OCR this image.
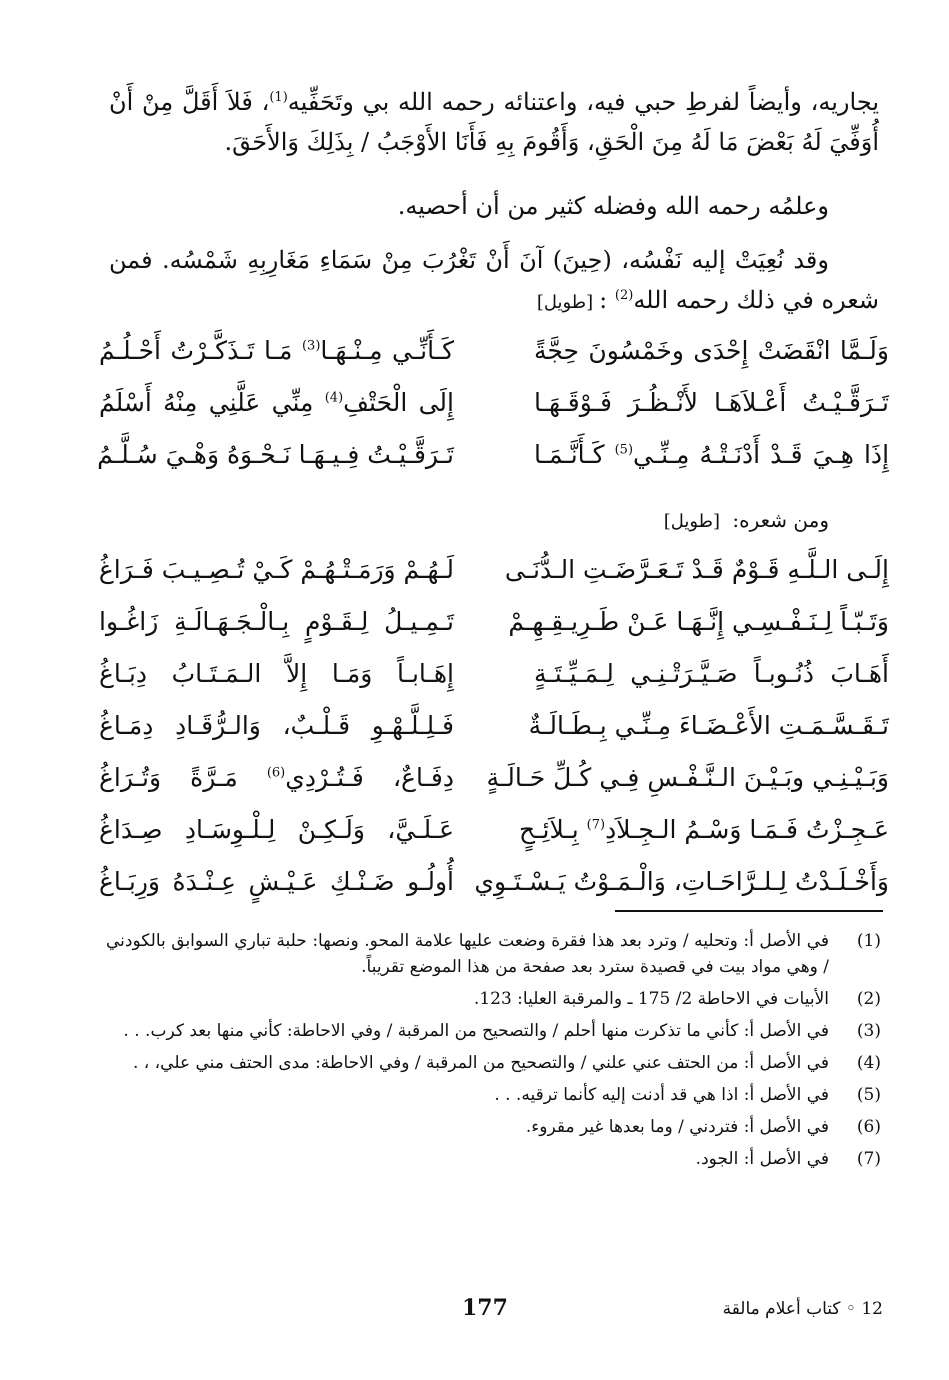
يجاريه، وأيضاً لفرطِ حبي فيه، واعتنائه رحمه الله بي وتَحَفِّيه$^{(1)}$، فَلاَ أَقَلَّ مِنْ أَنْ أُوَفِّيَ لَهُ بَعْضَ مَا لَهُ مِنَ الْحَقِ، وَأَقُومَ بِهِ فَأَنَا الأَوْجَبُ / بِذَلِكَ وَالأَحَقَ.

وعلمُه رحمه الله وفضله كثير من أن أحصيه.

وقد نُعِيَتْ إليه نَفْسُه، (حِينَ) آنَ أَنْ تَغْرُبَ مِنْ سَمَاءِ مَغَارِبِهِ شَمْسُه. فمن شعره في ذلك رحمه الله$^{(2)}$ :[طويل]

وَلَـمَّا انْقَضَتْ إِحْدَى وخَمْسُونَ حِجَّةً
كَـأَنِّـي مِـنْـهَـا$^{(3)}$ مَـا تَـذَكَّـرْتُ أَحْـلُـمُ
تَـرَقَّـيْـتُ أَعْـلاَهَـا لأَنْـظُـرَ فَـوْقَـهَـا
إِلَى الْحَتْفِ$^{(4)}$ مِنِّي عَلَّنِي مِنْهُ أَسْلَمُ
إِذَا هِـيَ قَـدْ أَدْنَـتْـهُ مِـنِّـي$^{(5)}$ كَـأَنَّـمَـا
تَـرَقَّـيْـتُ فِـيـهَـا نَـحْـوَهُ وَهْـيَ سُـلَّـمُ

ومن شعره: [طويل]

إِلَـى الـلَّـهِ قَـوْمٌ قَـدْ تَـعَـرَّضَـتِ الـدُّنَـى
لَـهُـمْ وَرَمَـتْـهُـمْ كَـيْ تُـصِـيـبَ فَـرَاغُ
وَتَـبّـاً لِـنَـفْـسِـي إِنَّـهَـا عَـنْ طَـرِيـقِـهِـمْ
تَـمِـيـلُ لِـقَـوْمٍ بِـالْـجَـهَـالَـةِ زَاغُـوا
أَهَـابَ ذُنُـوبـاً صَـيَّـرَتْـنِـي لِـمَـيِّـتَـةٍ
إِهَـابـاً وَمَـا إِلاَّ الـمَـتَـابُ دِبَـاغُ
تَـقَـسَّـمَـتِ الأَعْـضَـاءَ مِـنِّـي بِـطَـالَـةٌ
فَـلِـلَّـهْـوِ قَـلْـبٌ، وَالـرُّقَـادِ دِمَـاغُ
وَبَـيْـنِـي وبَـيْـنَ الـنَّـفْـسِ فِـي كُـلِّ حَـالَـةٍ
دِفَـاعٌ، فَـتُـرْدِي$^{(6)}$ مَـرَّةً وَتُـرَاغُ
عَـجِـزْتُ فَـمَـا وَسْـمُ الـجِـلاَدِ$^{(7)}$ بِـلاَئِـحٍ
عَـلَـيَّ، وَلَـكِـنْ لِـلْـوِسَـادِ صِـدَاغُ
وَأَخْـلَـدْتُ لِـلـرَّاحَـاتِ، وَالْـمَـوْتُ يَـسْـتَـوِي
أُولُـو ضَـنْـكِ عَـيْـشٍ عِـنْـدَهُ وَرِبَـاغُ
(1)
في الأصل أ: وتحليه / وترد بعد هذا فقرة وضعت عليها علامة المحو. ونصها: حلبة تباري السوابق بالكودني / وهي مواد بيت في قصيدة سترد بعد صفحة من هذا الموضع تقريباً.
(2)
الأبيات في الاحاطة 2/ 175 ـ والمرقبة العليا: 123.
(3)
في الأصل أ: كأني ما تذكرت منها أحلم / والتصحيح من المرقبة / وفي الاحاطة: كأني منها بعد كرب. . .
(4)
في الأصل أ: من الحتف عني علني / والتصحيح من المرقبة / وفي الاحاطة: مدى الحتف مني علي، ، .
(5)
في الأصل أ: اذا هي قد أدنت إليه كأنما ترقيه. . .
(6)
في الأصل أ: فتردني / وما بعدها غير مقروء.
(7)
في الأصل أ: الجود.
177	12 ◦ كتاب أعلام مالقة
